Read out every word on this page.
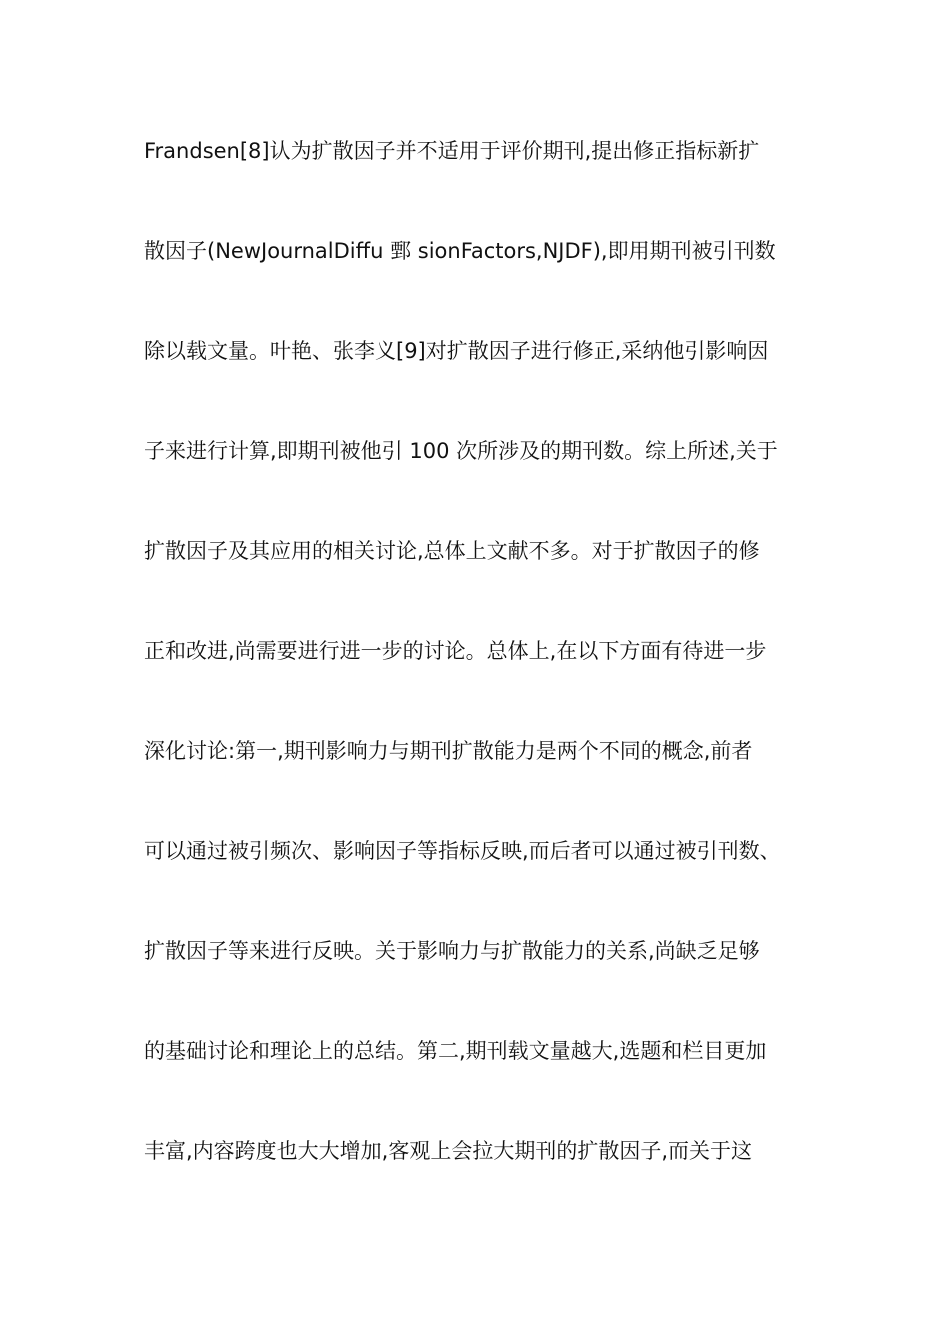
Frandsen[8]认为扩散因子并不适用于评价期刊,提出修正指标新扩
散因子(NewJournalDiffu 鄄 sionFactors,NJDF),即用期刊被引刊数
除以载文量。叶艳、张李义[9]对扩散因子进行修正,采纳他引影响因
子来进行计算,即期刊被他引 100 次所涉及的期刊数。综上所述,关于
扩散因子及其应用的相关讨论,总体上文献不多。对于扩散因子的修
正和改进,尚需要进行进一步的讨论。总体上,在以下方面有待进一步
深化讨论:第一,期刊影响力与期刊扩散能力是两个不同的概念,前者
可以通过被引频次、影响因子等指标反映,而后者可以通过被引刊数、
扩散因子等来进行反映。关于影响力与扩散能力的关系,尚缺乏足够
的基础讨论和理论上的总结。第二,期刊载文量越大,选题和栏目更加
丰富,内容跨度也大大增加,客观上会拉大期刊的扩散因子,而关于这
